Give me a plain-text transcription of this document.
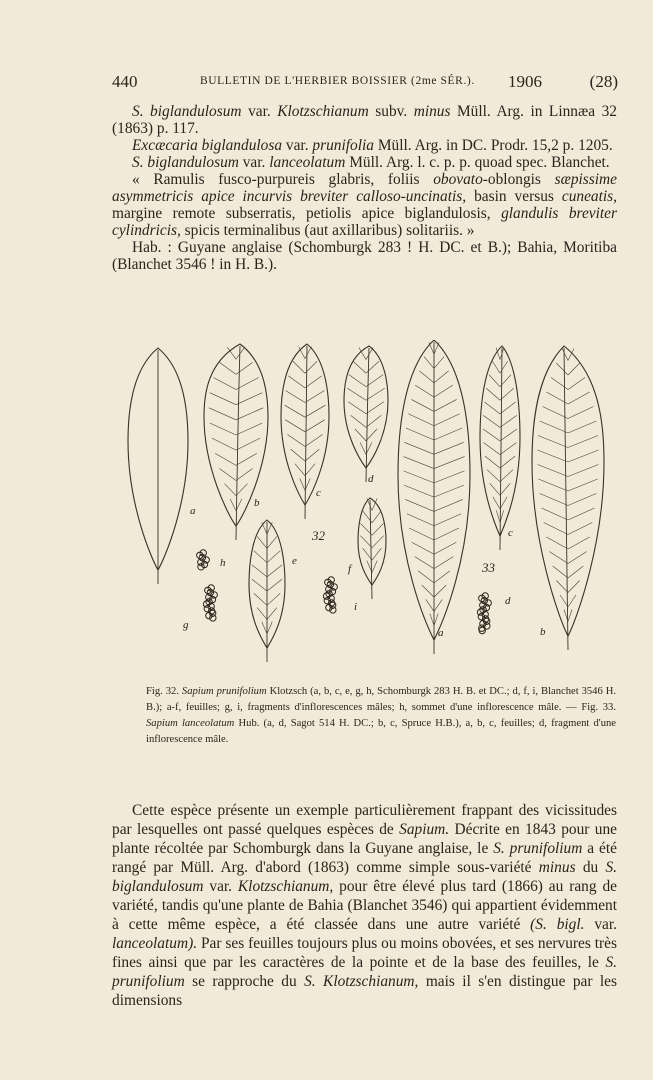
440	BULLETIN DE L'HERBIER BOISSIER (2me SÉR.). 1906	(28)

S. biglandulosum var. Klotzschianum subv. minus Müll. Arg. in Linnæa 32 (1863) p. 117.

Excæcaria biglandulosa var. prunifolia Müll. Arg. in DC. Prodr. 15,2 p. 1205.

S. biglandulosum var. lanceolatum Müll. Arg. l. c. p. p. quoad spec. Blanchet.

« Ramulis fusco-purpureis glabris, foliis obovato-oblongis sæpissime asymmetricis apice incurvis breviter calloso-uncinatis, basin versus cuneatis, margine remote subserratis, petiolis apice biglandulosis, glandulis breviter cylindricis, spicis terminalibus (aut axillaribus) solitariis. »

Hab. : Guyane anglaise (Schomburgk 283 ! H. DC. et B.); Bahia, Moritiba (Blanchet 3546 ! in H. B.).

a
b
c
d
e
f
g
h
i
a	b
c
d
32
33

Fig. 32. Sapium prunifolium Klotzsch (a, b, c, e, g, h, Schomburgk 283 H. B. et DC.; d, f, i, Blanchet 3546 H. B.); a-f, feuilles; g, i, fragments d'inflorescences mâles; h, sommet d'une inflorescence mâle. — Fig. 33. Sapium lanceolatum Hub. (a, d, Sagot 514 H. DC.; b, c, Spruce H.B.), a, b, c, feuilles; d, fragment d'une inflorescence mâle.

Cette espèce présente un exemple particulièrement frappant des vicissitudes par lesquelles ont passé quelques espèces de Sapium. Décrite en 1843 pour une plante récoltée par Schomburgk dans la Guyane anglaise, le S. prunifolium a été rangé par Müll. Arg. d'abord (1863) comme simple sous-variété minus du S. biglandulosum var. Klotzschianum, pour être élevé plus tard (1866) au rang de variété, tandis qu'une plante de Bahia (Blanchet 3546) qui appartient évidemment à cette même espèce, a été classée dans une autre variété (S. bigl. var. lanceolatum). Par ses feuilles toujours plus ou moins obovées, et ses nervures très fines ainsi que par les caractères de la pointe et de la base des feuilles, le S. prunifolium se rapproche du S. Klotzschianum, mais il s'en distingue par les dimensions
